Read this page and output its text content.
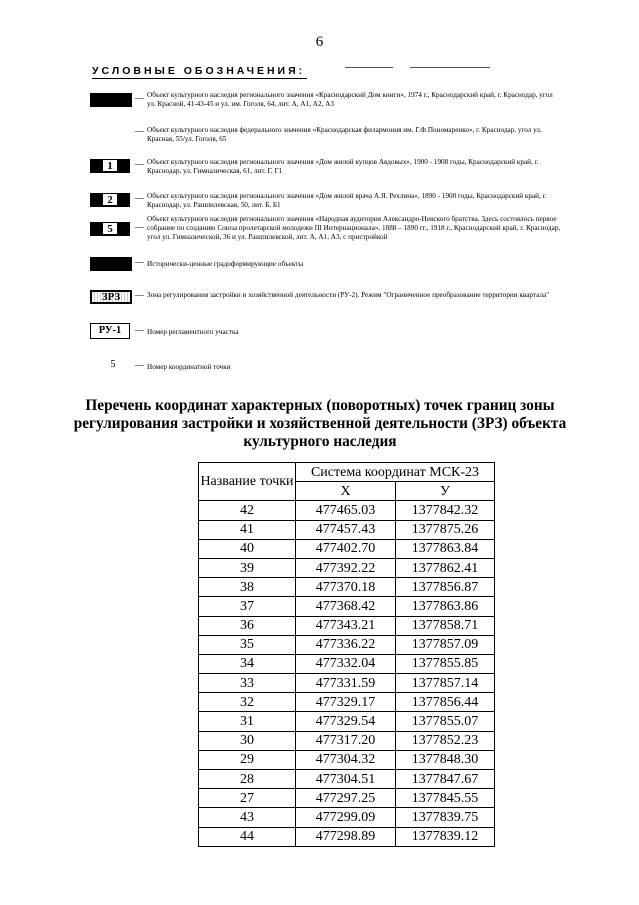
6
УСЛОВНЫЕ ОБОЗНАЧЕНИЯ:
— Объект культурного наследия регионального значения «Краснодарский Дом книги», 1974 г., Краснодарский край, г. Краснодар, угол ул. Красной, 41-43-45 и ул. им. Гоголя, 64, лит. А, А1, А2, А3
— Объект культурного наследия федерального значения «Краснодарская филармония им. Г.Ф.Пономаренко», г. Краснодар, угол ул. Красная, 55/ул. Гоголя, 65
1	— Объект культурного наследия регионального значения «Дом жилой купцов Авдовых», 1900 - 1908 годы, Краснодарский край, г. Краснодар, ул. Гимназическая, 61, лит. Г, Г1
2	— Объект культурного наследия регионального значения «Дом жилой врача А.Я. Рехлина», 1890 - 1900 годы, Краснодарский край, г. Краснодар, ул. Рашпилевская, 50, лит. Б, Б1
5	—
Объект культурного наследия регионального значения «Народная аудитория Александро-Невского братства. Здесь состоялось первое собрание по созданию Союза пролетарской молодежи III Интернационала», 1888 – 1890 гг., 1918 г., Краснодарский край, г. Краснодар, угол ул. Гимназической, 36 и ул. Рашпилевской, лит. А, А1, А3, с пристройкой
— Исторически-ценные градоформирующие объекты
ЗРЗ	— Зона регулирования застройки и хозяйственной деятельности (РУ-2). Режим "Ограниченное преобразование территории квартала"
РУ-1	— Номер регламентного участка
5	— Номер координатной точки
Перечень координат характерных (поворотных) точек границ зоны регулирования застройки и хозяйственной деятельности (ЗРЗ) объекта культурного наследия
Название точки	Система координат МСК-23	
	X	У
42	477465.03	1377842.32
41	477457.43	1377875.26
40	477402.70	1377863.84
39	477392.22	1377862.41
38	477370.18	1377856.87
37	477368.42	1377863.86
36	477343.21	1377858.71
35	477336.22	1377857.09
34	477332.04	1377855.85
33	477331.59	1377857.14
32	477329.17	1377856.44
31	477329.54	1377855.07
30	477317.20	1377852.23
29	477304.32	1377848.30
28	477304.51	1377847.67
27	477297.25	1377845.55
43	477299.09	1377839.75
44	477298.89	1377839.12
